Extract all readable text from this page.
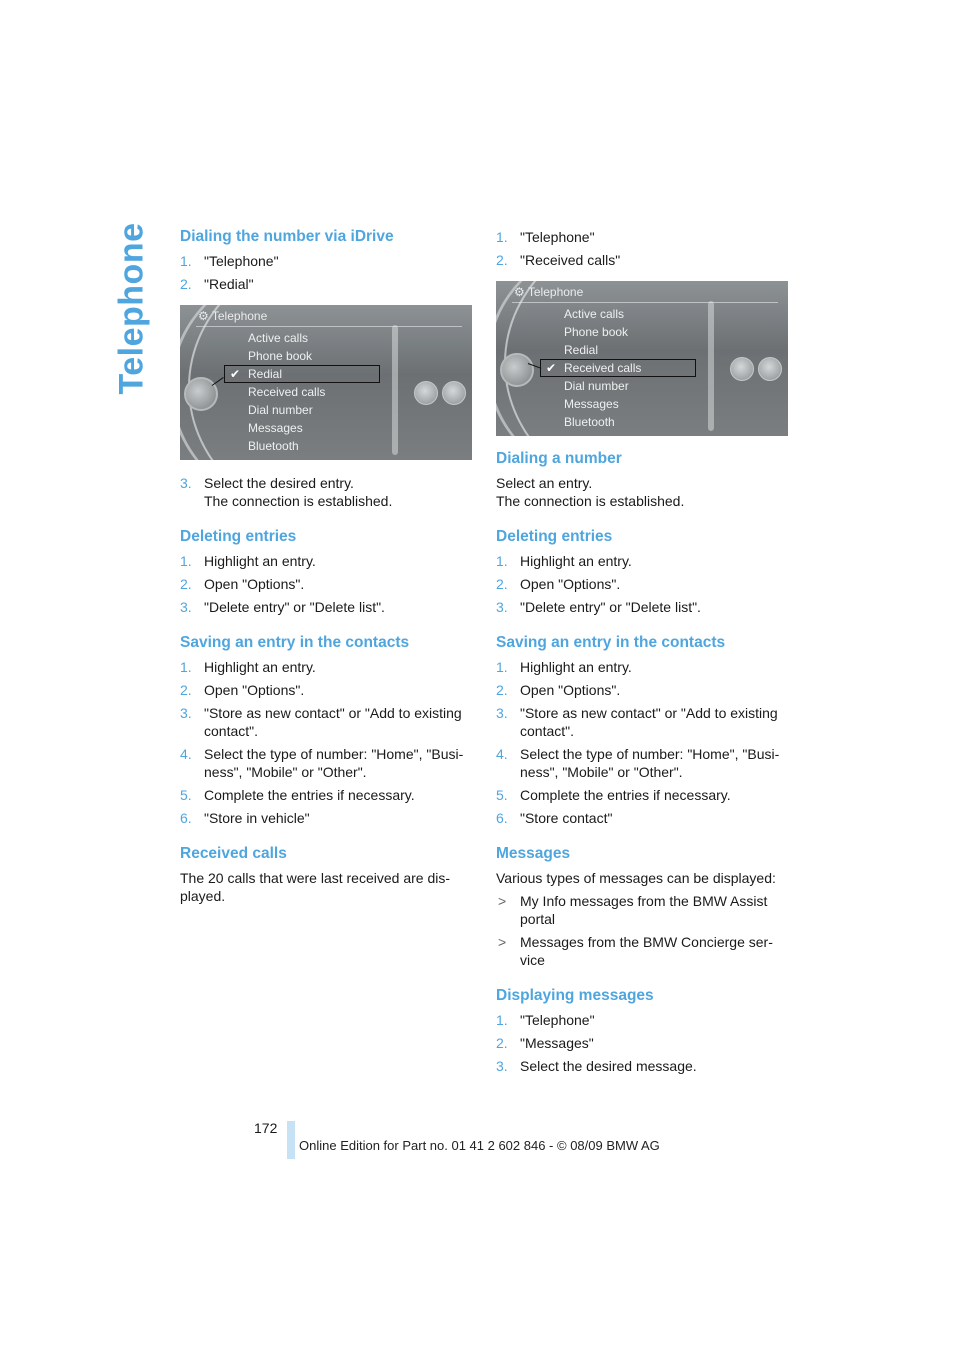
Telephone Dialing the number via iDrive
1. "Telephone"
2. "Redial"
⚙ Telephone
Active calls
Phone book
✔ Redial
Received calls
Dial number
Messages
Bluetooth
3. Select the desired entry.
The connection is established.
Deleting entries
1. Highlight an entry.
2. Open "Options".
3. "Delete entry" or "Delete list".
Saving an entry in the contacts
1. Highlight an entry.
2. Open "Options".
3. "Store as new contact" or "Add to existing contact".
4. Select the type of number: "Home", "Busi-ness", "Mobile" or "Other".
5. Complete the entries if necessary.
6. "Store in vehicle"
Received calls

The 20 calls that were last received are dis-played.

1. "Telephone"
2. "Received calls"
⚙ Telephone
Active calls
Phone book
Redial
✔ Received calls
Dial number
Messages
Bluetooth
Dialing a number

Select an entry.

The connection is established.

Deleting entries
1. Highlight an entry.
2. Open "Options".
3. "Delete entry" or "Delete list".
Saving an entry in the contacts
1. Highlight an entry.
2. Open "Options".
3. "Store as new contact" or "Add to existing contact".
4. Select the type of number: "Home", "Busi-ness", "Mobile" or "Other".
5. Complete the entries if necessary.
6. "Store contact"
Messages

Various types of messages can be displayed:

> My Info messages from the BMW Assist portal
> Messages from the BMW Concierge ser-vice
Displaying messages
1. "Telephone"
2. "Messages"
3. Select the desired message.
172
Online Edition for Part no. 01 41 2 602 846 - © 08/09 BMW AG
